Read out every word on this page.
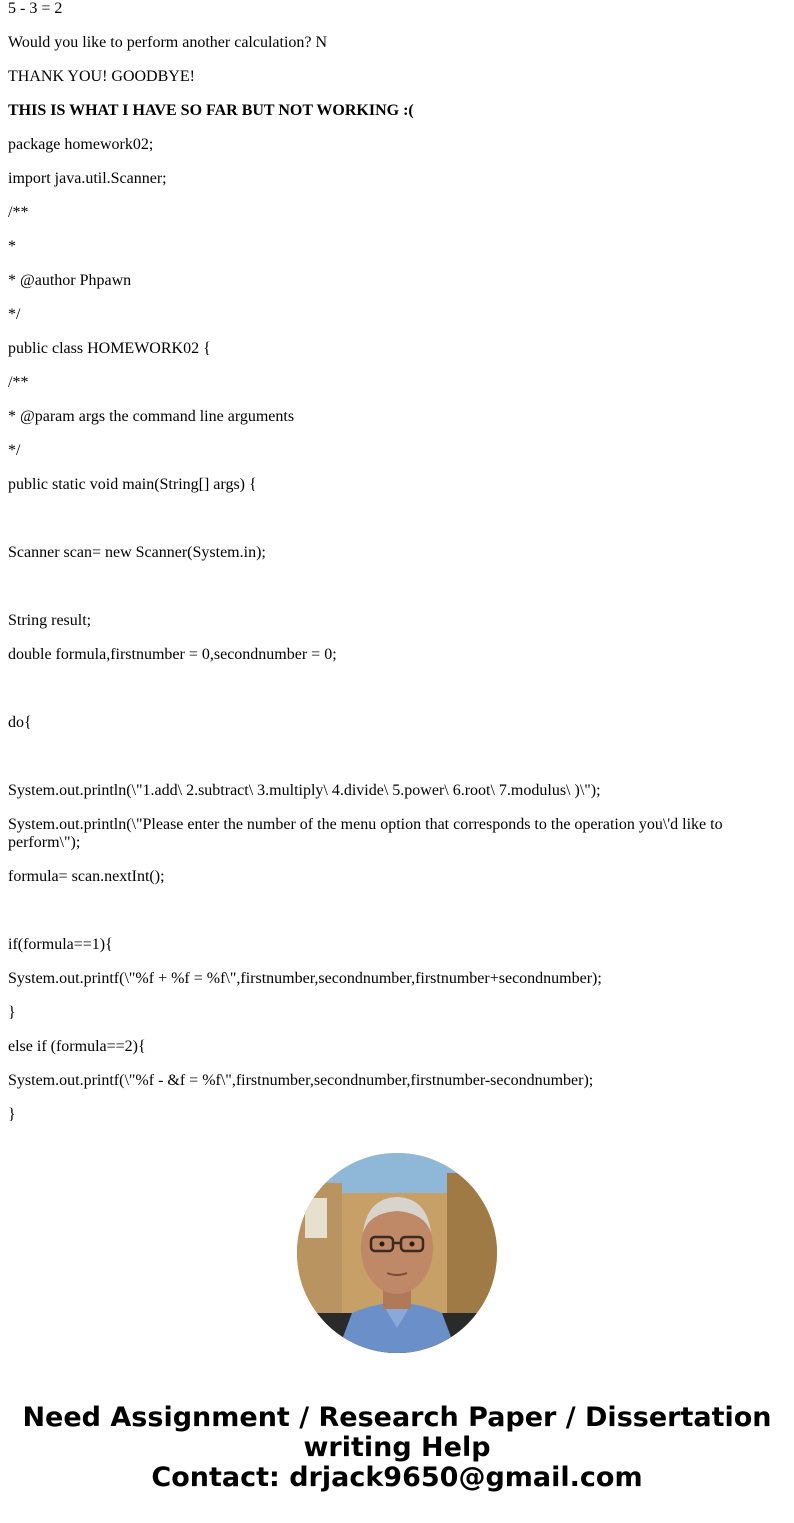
5 - 3 = 2

Would you like to perform another calculation? N

THANK YOU! GOODBYE!

THIS IS WHAT I HAVE SO FAR BUT NOT WORKING :(

package homework02;

import java.util.Scanner;

/**

*

* @author Phpawn

*/

public class HOMEWORK02 {

/**

* @param args the command line arguments

*/

public static void main(String[] args) {

Scanner scan= new Scanner(System.in);

String result;

double formula,firstnumber = 0,secondnumber = 0;

do{

System.out.println(\"1.add\ 2.subtract\ 3.multiply\ 4.divide\ 5.power\ 6.root\ 7.modulus\ )\");

System.out.println(\"Please enter the number of the menu option that corresponds to the operation you\'d like to perform\");

formula= scan.nextInt();

if(formula==1){

System.out.printf(\"%f + %f = %f\",firstnumber,secondnumber,firstnumber+secondnumber);

}

else if (formula==2){

System.out.printf(\"%f - &f = %f\",firstnumber,secondnumber,firstnumber-secondnumber);

}

Need Assignment / Research Paper / Dissertation
writing Help
Contact: drjack9650@gmail.com
